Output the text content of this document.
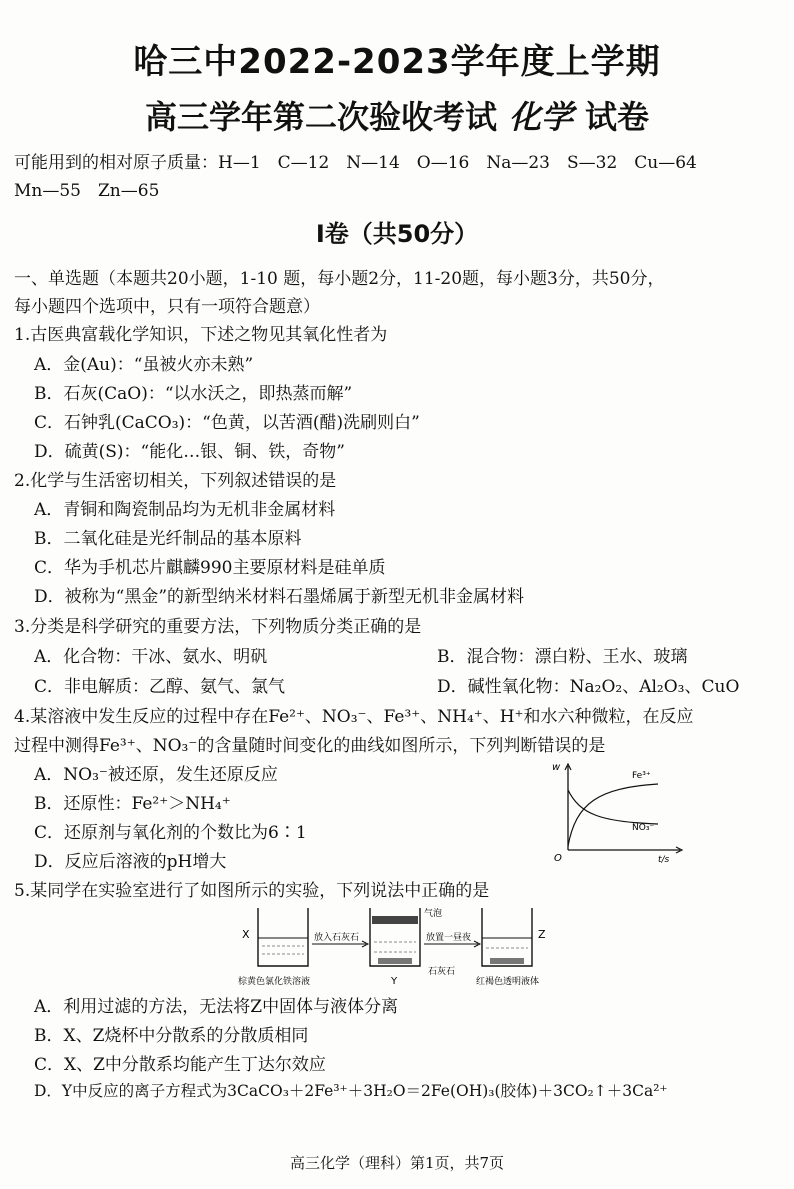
哈三中2022-2023学年度上学期
高三学年第二次验收考试 化学 试卷
可能用到的相对原子质量：H—1　C—12　N—14　O—16　Na—23　S—32　Cu—64
Mn—55　Zn—65
I卷（共50分）
一、单选题（本题共20小题，1-10 题，每小题2分，11-20题，每小题3分，共50分，
每小题四个选项中，只有一项符合题意）
1.古医典富载化学知识，下述之物见其氧化性者为
A．金(Au)：“虽被火亦未熟”
B．石灰(CaO)：“以水沃之，即热蒸而解”
C．石钟乳(CaCO₃)：“色黄，以苦酒(醋)洗刷则白”
D．硫黄(S)：“能化…银、铜、铁，奇物”
2.化学与生活密切相关，下列叙述错误的是
A．青铜和陶瓷制品均为无机非金属材料
B．二氧化硅是光纤制品的基本原料
C．华为手机芯片麒麟990主要原材料是硅单质
D．被称为“黑金”的新型纳米材料石墨烯属于新型无机非金属材料
3.分类是科学研究的重要方法，下列物质分类正确的是
A．化合物：干冰、氨水、明矾	B．混合物：漂白粉、王水、玻璃
C．非电解质：乙醇、氨气、氯气	D．碱性氧化物：Na₂O₂、Al₂O₃、CuO
4.某溶液中发生反应的过程中存在Fe²⁺、NO₃⁻、Fe³⁺、NH₄⁺、H⁺和水六种微粒，在反应
过程中测得Fe³⁺、NO₃⁻的含量随时间变化的曲线如图所示，下列判断错误的是
A．NO₃⁻被还原，发生还原反应
B．还原性：Fe²⁺＞NH₄⁺
C．还原剂与氧化剂的个数比为6∶1
D．反应后溶液的pH增大
w
O	t/s
Fe³⁺
NO₃⁻
5.某同学在实验室进行了如图所示的实验，下列说法中正确的是
X
棕黄色氯化铁溶液
放入石灰石
气泡
石灰石
Y
放置一昼夜	Z
红褐色透明液体
A．利用过滤的方法，无法将Z中固体与液体分离
B．X、Z烧杯中分散系的分散质相同
C．X、Z中分散系均能产生丁达尔效应
D．Y中反应的离子方程式为3CaCO₃＋2Fe³⁺＋3H₂O＝2Fe(OH)₃(胶体)＋3CO₂↑＋3Ca²⁺
高三化学（理科）第1页，共7页
